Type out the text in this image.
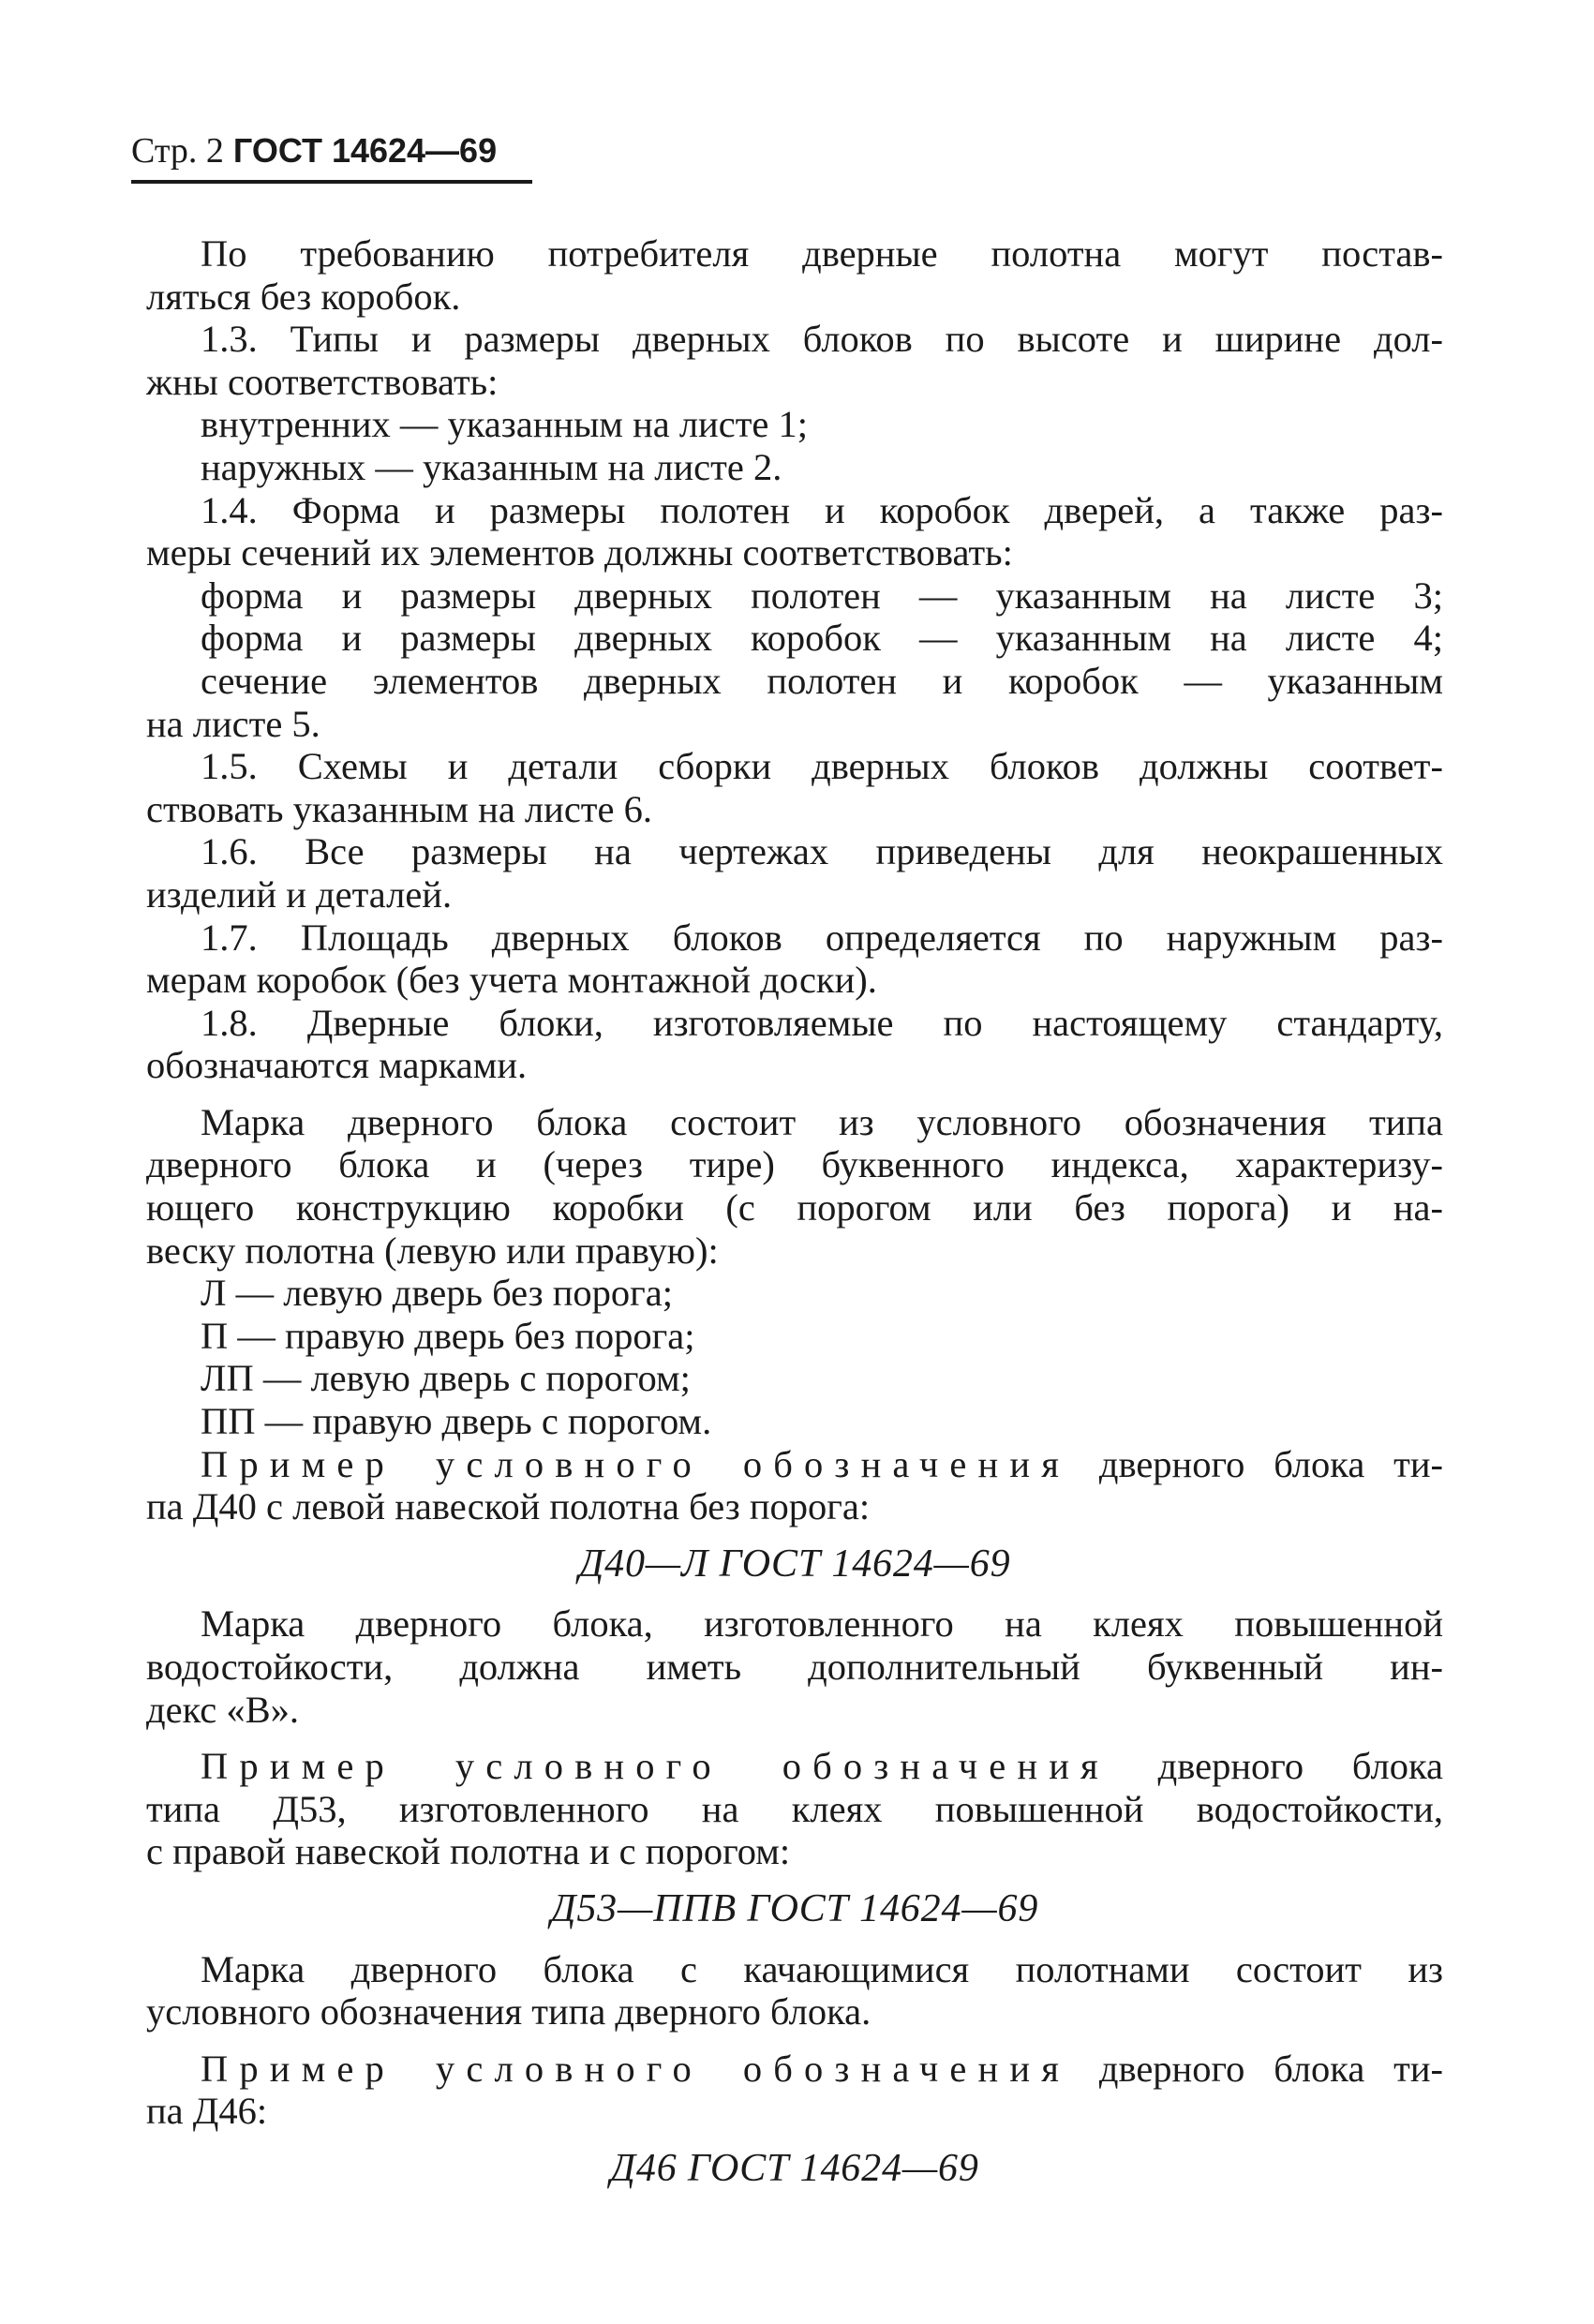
Стр. 2 ГОСТ 14624—69
По требованию потребителя дверные полотна могут постав-
ляться без коробок.
1.3. Типы и размеры дверных блоков по высоте и ширине дол-
жны соответствовать:
внутренних — указанным на листе 1;
наружных — указанным на листе 2.
1.4. Форма и размеры полотен и коробок дверей, а также раз-
меры сечений их элементов должны соответствовать:
форма и размеры дверных полотен — указанным на листе 3;
форма и размеры дверных коробок — указанным на листе 4;
сечение элементов дверных полотен и коробок — указанным
на листе 5.
1.5. Схемы и детали сборки дверных блоков должны соответ-
ствовать указанным на листе 6.
1.6. Все размеры на чертежах приведены для неокрашенных
изделий и деталей.
1.7. Площадь дверных блоков определяется по наружным раз-
мерам коробок (без учета монтажной доски).
1.8. Дверные блоки, изготовляемые по настоящему стандарту,
обозначаются марками.
Марка дверного блока состоит из условного обозначения типа
дверного блока и (через тире) буквенного индекса, характеризу-
ющего конструкцию коробки (с порогом или без порога) и на-
веску полотна (левую или правую):
Л — левую дверь без порога;
П — правую дверь без порога;
ЛП — левую дверь с порогом;
ПП — правую дверь с порогом.
Пример условного обозначения дверного блока ти-
па Д40 с левой навеской полотна без порога:
Д40—Л ГОСТ 14624—69
Марка дверного блока, изготовленного на клеях повышенной
водостойкости, должна иметь дополнительный буквенный ин-
декс «В».
Пример условного обозначения дверного блока
типа Д53, изготовленного на клеях повышенной водостойкости,
с правой навеской полотна и с порогом:
Д53—ППВ ГОСТ 14624—69
Марка дверного блока с качающимися полотнами состоит из
условного обозначения типа дверного блока.
Пример условного обозначения дверного блока ти-
па Д46:
Д46 ГОСТ 14624—69
